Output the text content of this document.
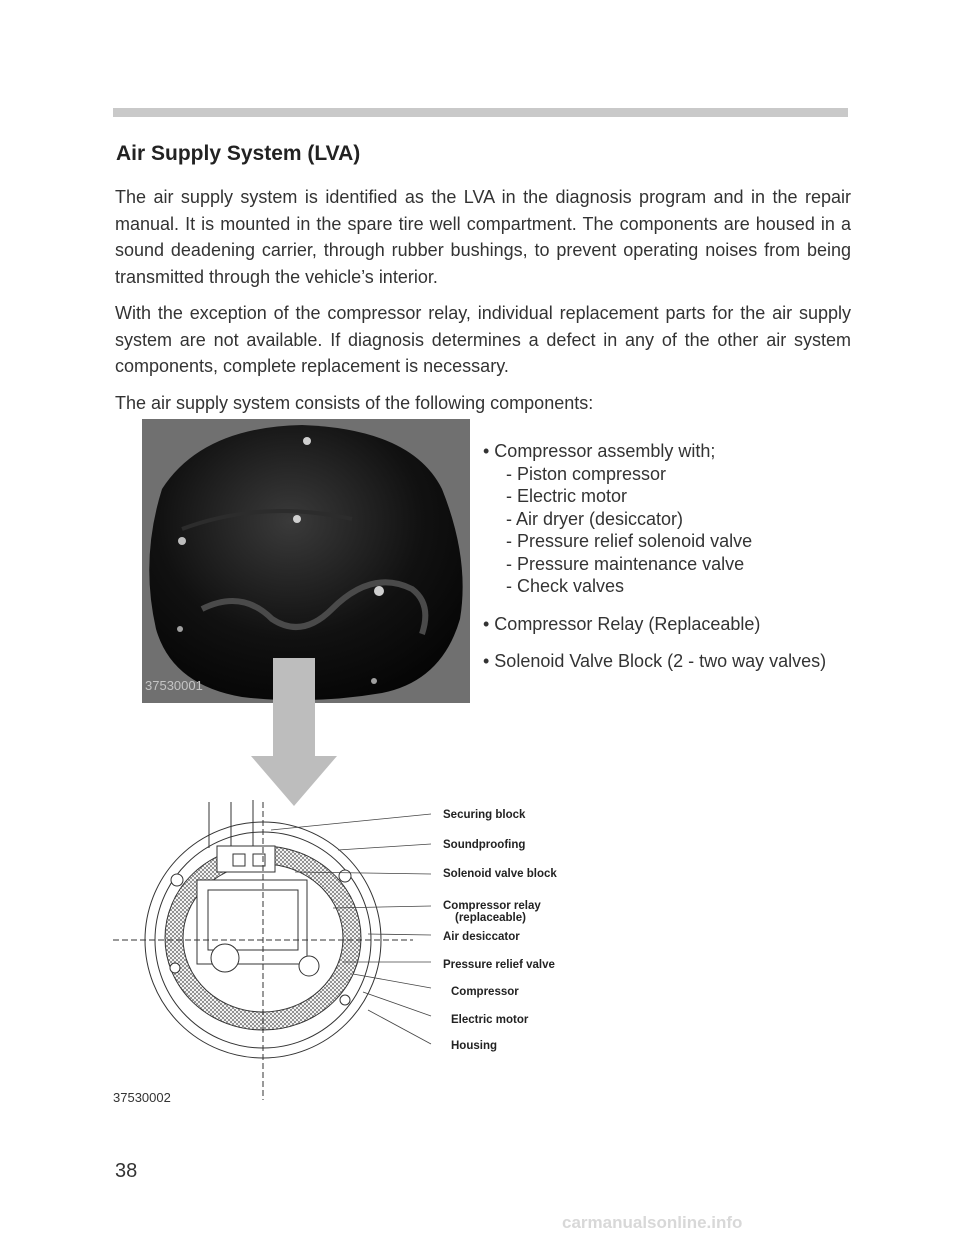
Air Supply System (LVA)

The air supply system is identified as the LVA in the diagnosis program and in the repair manual. It is mounted in the spare tire well compartment. The components are housed in a sound deadening carrier, through rubber bushings, to prevent operating noises from being transmitted through the vehicle’s interior.

With the exception of the compressor relay, individual replacement parts for the air supply system are not available. If diagnosis determines a defect in any of the other air system components, complete replacement is necessary.

The air supply system consists of the following components:

37530001
• Compressor assembly with;
- Piston compressor
- Electric motor
- Air dryer (desiccator)
- Pressure relief solenoid valve
- Pressure maintenance valve
- Check valves
• Compressor Relay (Replaceable)
• Solenoid Valve Block (2 - two way valves)
Securing block
Soundproofing
Solenoid valve block
Compressor relay
(replaceable)
Air desiccator
Pressure relief valve
Compressor
Electric motor
Housing
37530002
38
carmanualsonline.info
